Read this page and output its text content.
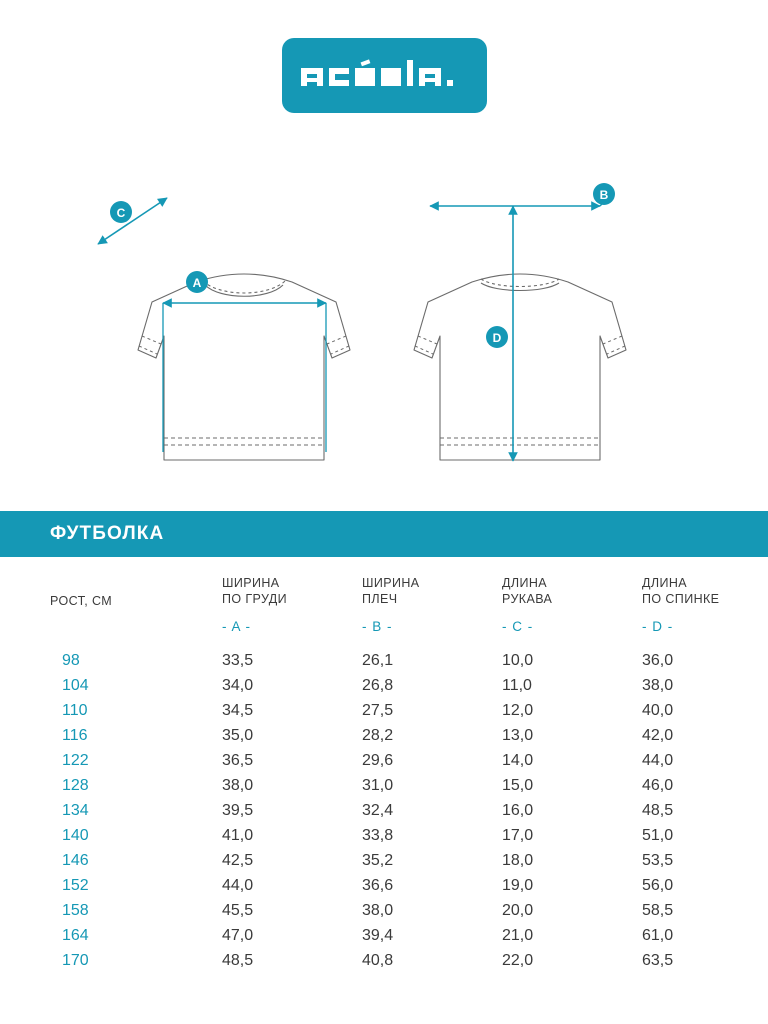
A
C
B
D
ФУТБОЛКА
РОСТ, СМ

ШИРИНА
ПО ГРУДИ

ШИРИНА
ПЛЕЧ

ДЛИНА
РУКАВА

ДЛИНА
ПО СПИНКЕ

	- A -	- B -	- C -	- D -
98	33,5	26,1	10,0	36,0
104	34,0	26,8	11,0	38,0
110	34,5	27,5	12,0	40,0
116	35,0	28,2	13,0	42,0
122	36,5	29,6	14,0	44,0
128	38,0	31,0	15,0	46,0
134	39,5	32,4	16,0	48,5
140	41,0	33,8	17,0	51,0
146	42,5	35,2	18,0	53,5
152	44,0	36,6	19,0	56,0
158	45,5	38,0	20,0	58,5
164	47,0	39,4	21,0	61,0
170	48,5	40,8	22,0	63,5
